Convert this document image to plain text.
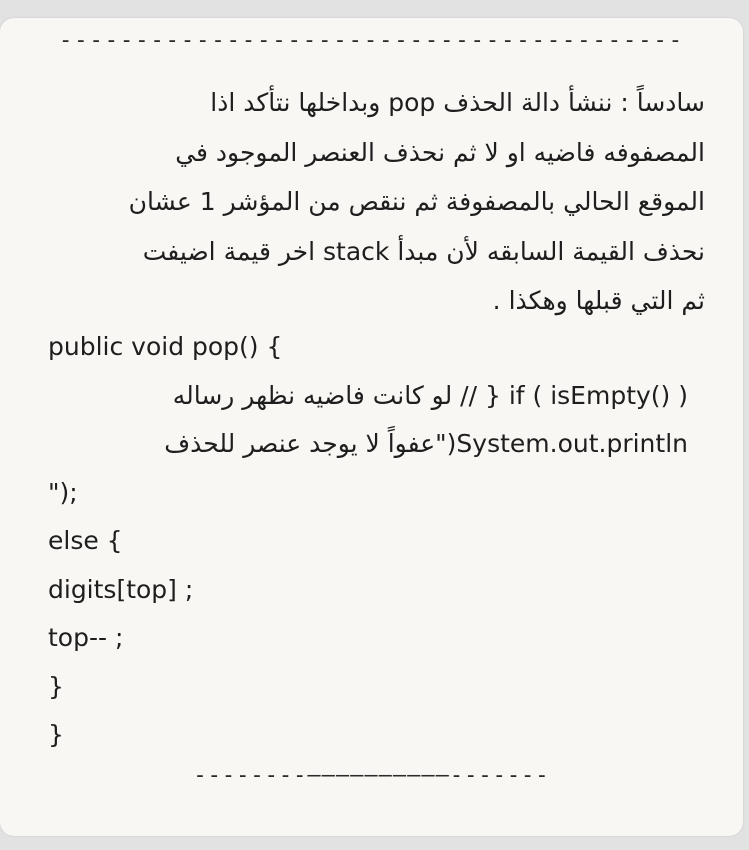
-----------------------------------------
سادساً : ننشأ دالة الحذف pop وبداخلها نتأكد اذا
المصفوفه فاضيه او لا ثم نحذف العنصر الموجود في
الموقع الحالي بالمصفوفة ثم ننقص من المؤشر 1 عشان
نحذف القيمة السابقه لأن مبدأ stack اخر قيمة اضيفت
ثم التي قبلها وهكذا .
public void pop() {
if ( isEmpty() ) { // لو كانت فاضيه نظهر رساله
System.out.println("عفواً لا يوجد عنصر للحذف
");
else {
digits[top] ;
top-- ;
}
}
--------——————————-------
